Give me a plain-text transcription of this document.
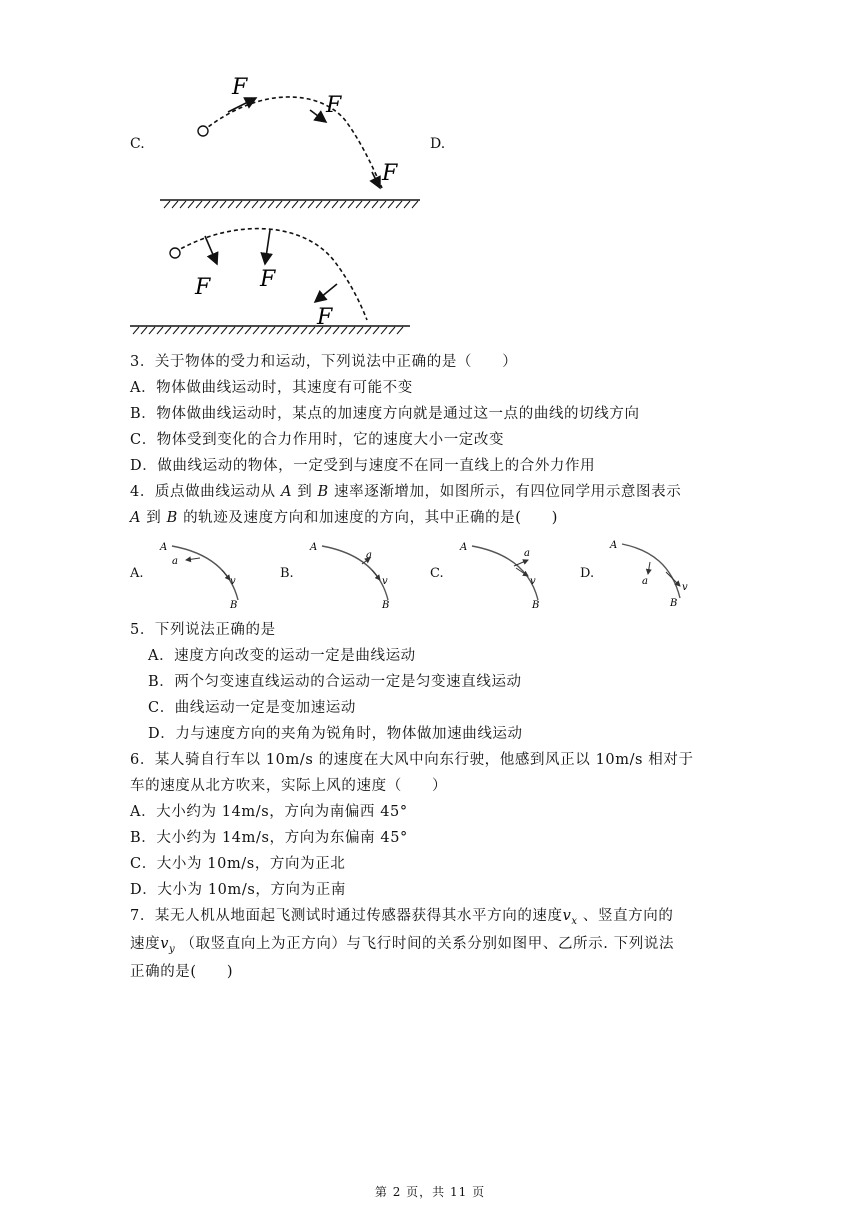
C.	D.
F
F
F
F F
F
3．关于物体的受力和运动，下列说法中正确的是（　　）
A．物体做曲线运动时，其速度有可能不变
B．物体做曲线运动时，某点的加速度方向就是通过这一点的曲线的切线方向
C．物体受到变化的合力作用时，它的速度大小一定改变
D．做曲线运动的物体，一定受到与速度不在同一直线上的合外力作用
4．质点做曲线运动从 A 到 B 速率逐渐增加，如图所示，有四位同学用示意图表示
A 到 B 的轨迹及速度方向和加速度的方向，其中正确的是(　　)
A.	B.	C.	D.
A
B
a
v
A
B
a
v
A
B
a
v
A
B
a
v
5．下列说法正确的是
A．速度方向改变的运动一定是曲线运动
B．两个匀变速直线运动的合运动一定是匀变速直线运动
C．曲线运动一定是变加速运动
D．力与速度方向的夹角为锐角时，物体做加速曲线运动
6．某人骑自行车以 10m/s 的速度在大风中向东行驶，他感到风正以 10m/s 相对于
车的速度从北方吹来，实际上风的速度（　　）
A．大小约为 14m/s，方向为南偏西 45°
B．大小约为 14m/s，方向为东偏南 45°
C．大小为 10m/s，方向为正北
D．大小为 10m/s，方向为正南
7．某无人机从地面起飞测试时通过传感器获得其水平方向的速度$v_x$ 、竖直方向的
速度$v_y$ （取竖直向上为正方向）与飞行时间的关系分别如图甲、乙所示. 下列说法
正确的是(　　)
第 2 页，共 11 页
